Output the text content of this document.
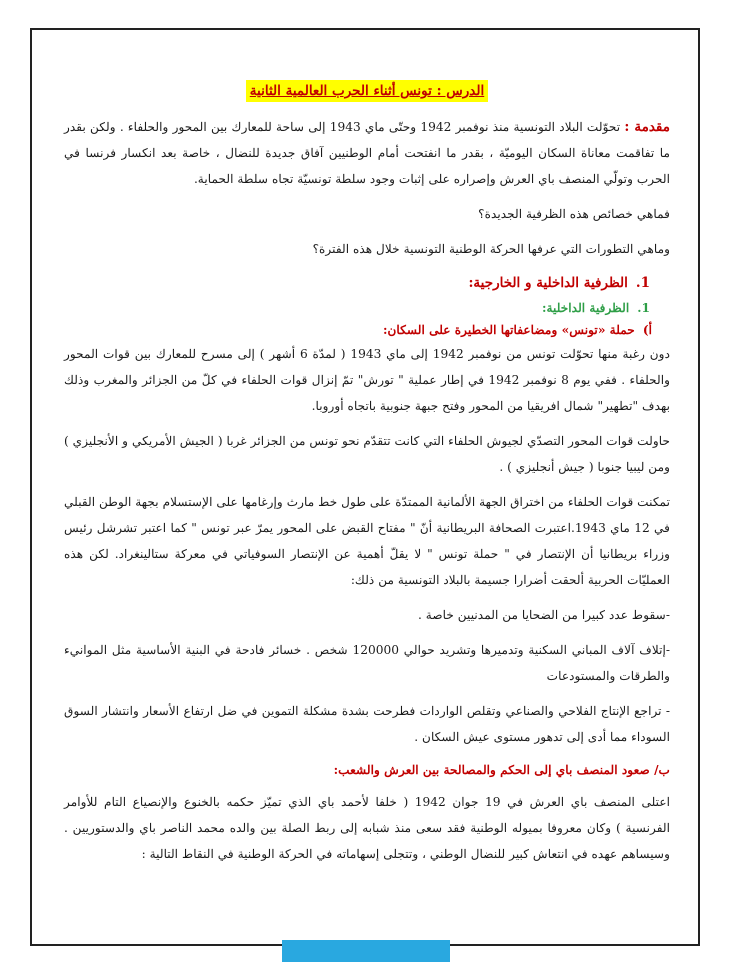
الدرس : تونس أثناء الحرب العالمية الثانية

مقدمة : تحوّلت البلاد التونسية منذ نوفمبر 1942 وحتّى ماي 1943 إلى ساحة للمعارك بين المحور والحلفاء . ولكن بقدر ما تفاقمت معاناة السكان اليوميّة ، بقدر ما انفتحت أمام الوطنيين آفاق جديدة للنضال ، خاصة بعد انكسار فرنسا في الحرب وتولّي المنصف باي العرش وإصراره على إثبات وجود سلطة تونسيّة تجاه سلطة الحماية.

فماهي خصائص هذه الظرفية الجديدة؟

وماهي التطورات التي عرفها الحركة الوطنية التونسية خلال هذه الفترة؟

1.الظرفية الداخلية و الخارجية:
1.الظرفية الداخلية:
أ)حملة «تونس» ومضاعفاتها الخطيرة على السكان:

دون رغبة منها تحوّلت تونس من نوفمبر 1942 إلى ماي 1943 ( لمدّة 6 أشهر ) إلى مسرح للمعارك بين قوات المحور والحلفاء . ففي يوم 8 نوفمبر 1942 في إطار عملية " تورش" تمّ إنزال قوات الحلفاء في كلّ من الجزائر والمغرب وذلك بهدف "تطهير" شمال افريقيا من المحور وفتح جبهة جنوبية باتجاه أوروبا.

حاولت قوات المحور التصدّي لجيوش الحلفاء التي كانت تتقدّم نحو تونس من الجزائر غربا ( الجيش الأمريكي و الأنجليزي ) ومن ليبيا جنوبا ( جيش أنجليزي ) .

تمكنت قوات الحلفاء من اختراق الجهة الألمانية الممتدّة على طول خط مارث وإرغامها على الإستسلام بجهة الوطن القبلي في 12 ماي 1943.اعتبرت الصحافة البريطانية أنّ " مفتاح القبض على المحور يمرّ عبر تونس " كما اعتبر تشرشل رئيس وزراء بريطانيا أن الإنتصار في " حملة تونس " لا يقلّ أهمية عن الإنتصار السوفياتي في معركة ستالينغراد. لكن هذه العمليّات الحربية ألحقت أضرارا جسيمة بالبلاد التونسية من ذلك:

-سقوط عدد كبيرا من الضحايا من المدنيين خاصة .

-إتلاف آلاف المباني السكنية وتدميرها وتشريد حوالي 120000 شخص . خسائر فادحة في البنية الأساسية مثل الموانيء والطرقات والمستودعات

- تراجع الإنتاج الفلاحي والصناعي وتقلص الواردات فطرحت بشدة مشكلة التموين في ضل ارتفاع الأسعار وانتشار السوق السوداء مما أدى إلى تدهور مستوى عيش السكان .

ب/ صعود المنصف باي إلى الحكم والمصالحة بين العرش والشعب:

اعتلى المنصف باي العرش في 19 جوان 1942 ( خلفا لأحمد باي الذي تميّز حكمه بالخنوع والإنصياع التام للأوامر الفرنسية ) وكان معروفا بميوله الوطنية فقد سعى منذ شبابه إلى ربط الصلة بين والده محمد الناصر باي والدستوريين . وسيساهم عهده في انتعاش كبير للنضال الوطني ، وتتجلى إسهاماته في الحركة الوطنية في النقاط التالية :
